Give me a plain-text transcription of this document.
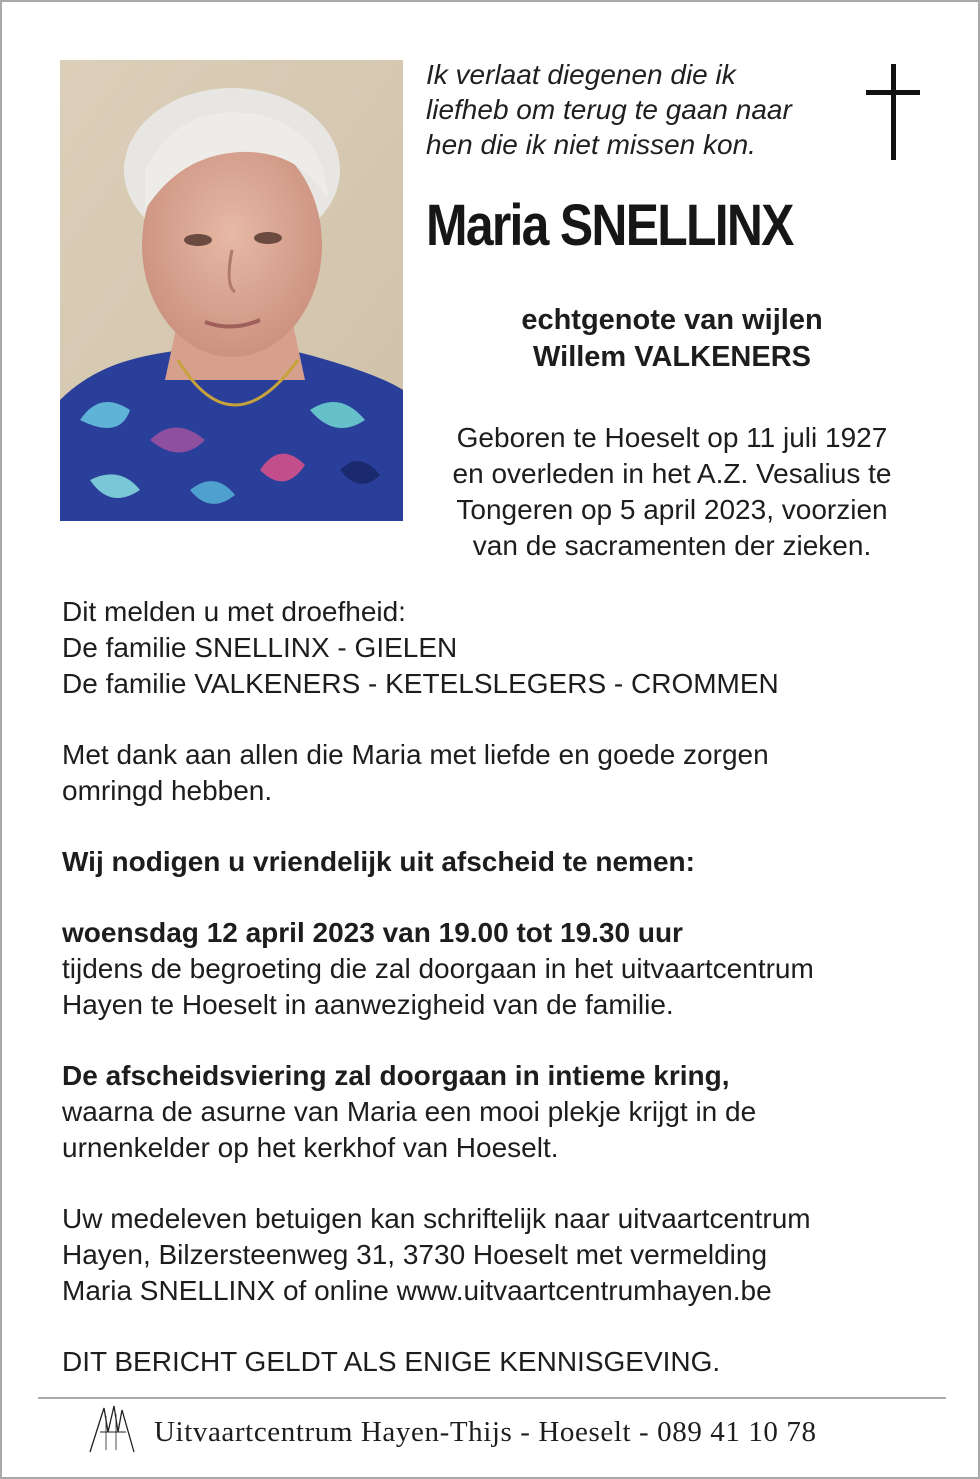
Ik verlaat diegenen die ik
liefheb om terug te gaan naar
hen die ik niet missen kon.
Maria SNELLINX
echtgenote van wijlen
Willem VALKENERS
Geboren te Hoeselt op 11 juli 1927
en overleden in het A.Z. Vesalius te
Tongeren op 5 april 2023, voorzien
van de sacramenten der zieken.

Dit melden u met droefheid:

De familie SNELLINX - GIELEN

De familie VALKENERS - KETELSLEGERS - CROMMEN

Met dank aan allen die Maria met liefde en goede zorgen

omringd hebben.

Wij nodigen u vriendelijk uit afscheid te nemen:

woensdag 12 april 2023 van 19.00 tot 19.30 uur

tijdens de begroeting die zal doorgaan in het uitvaartcentrum

Hayen te Hoeselt in aanwezigheid van de familie.

De afscheidsviering zal doorgaan in intieme kring,

waarna de asurne van Maria een mooi plekje krijgt in de

urnenkelder op het kerkhof van Hoeselt.

Uw medeleven betuigen kan schriftelijk naar uitvaartcentrum

Hayen, Bilzersteenweg 31, 3730 Hoeselt met vermelding

Maria SNELLINX of online www.uitvaartcentrumhayen.be

DIT BERICHT GELDT ALS ENIGE KENNISGEVING.

Uitvaartcentrum Hayen-Thijs - Hoeselt - 089 41 10 78
